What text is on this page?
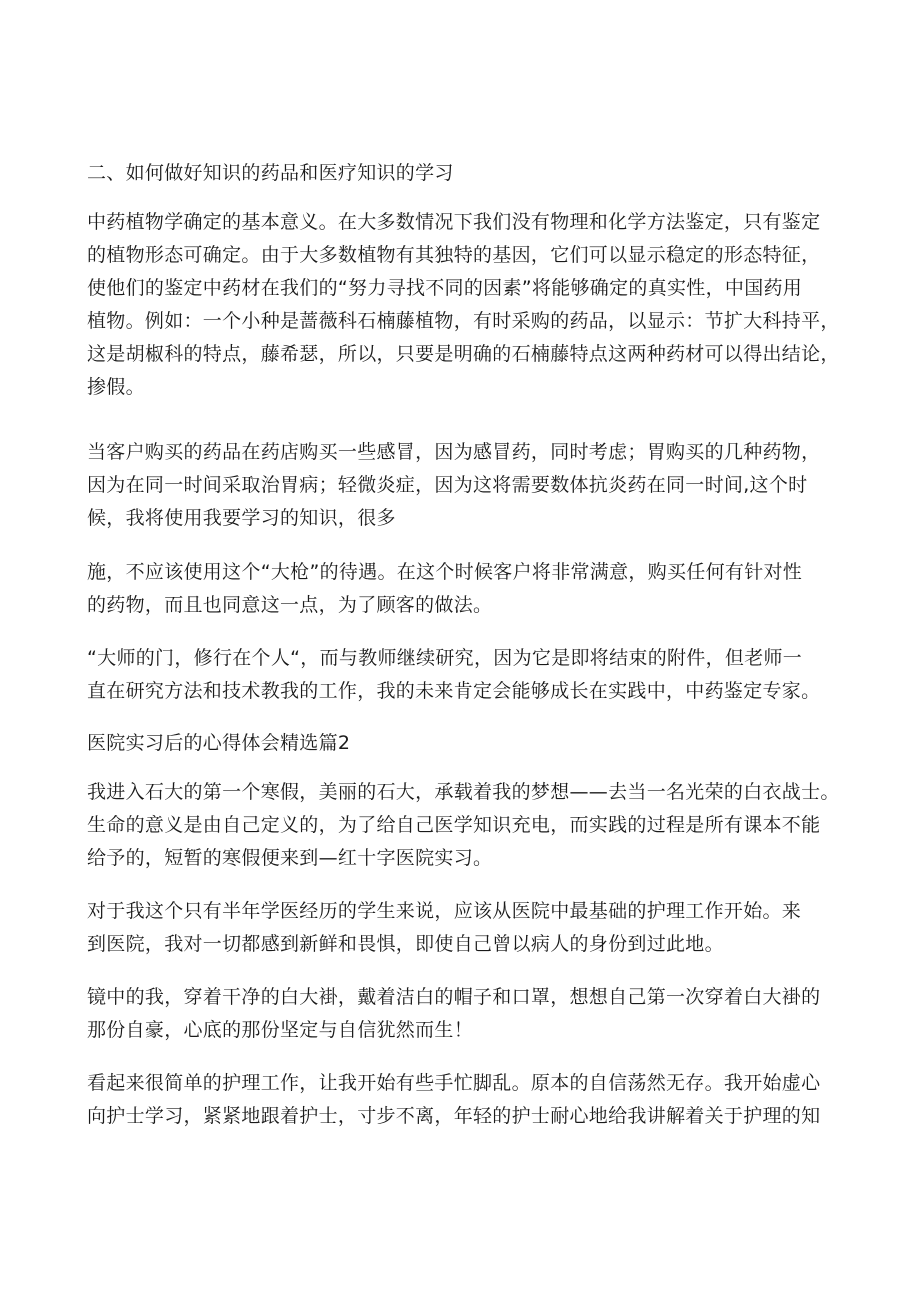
二、如何做好知识的药品和医疗知识的学习
中药植物学确定的基本意义。在大多数情况下我们没有物理和化学方法鉴定，只有鉴定
的植物形态可确定。由于大多数植物有其独特的基因，它们可以显示稳定的形态特征，
使他们的鉴定中药材在我们的“努力寻找不同的因素”将能够确定的真实性，中国药用
植物。例如：一个小种是蔷薇科石楠藤植物，有时采购的药品，以显示：节扩大科持平，
这是胡椒科的特点，藤希瑟，所以，只要是明确的石楠藤特点这两种药材可以得出结论，
掺假。
当客户购买的药品在药店购买一些感冒，因为感冒药，同时考虑；胃购买的几种药物，
因为在同一时间采取治胃病；轻微炎症，因为这将需要数体抗炎药在同一时间,这个时
候，我将使用我要学习的知识，很多
施，不应该使用这个“大枪”的待遇。在这个时候客户将非常满意，购买任何有针对性
的药物，而且也同意这一点，为了顾客的做法。
“大师的门，修行在个人“，而与教师继续研究，因为它是即将结束的附件，但老师一
直在研究方法和技术教我的工作，我的未来肯定会能够成长在实践中，中药鉴定专家。
医院实习后的心得体会精选篇2
我进入石大的第一个寒假，美丽的石大，承载着我的梦想——去当一名光荣的白衣战士。
生命的意义是由自己定义的，为了给自己医学知识充电，而实践的过程是所有课本不能
给予的，短暂的寒假便来到—红十字医院实习。
对于我这个只有半年学医经历的学生来说，应该从医院中最基础的护理工作开始。来
到医院，我对一切都感到新鲜和畏惧，即使自己曾以病人的身份到过此地。
镜中的我，穿着干净的白大褂，戴着洁白的帽子和口罩，想想自己第一次穿着白大褂的
那份自豪，心底的那份坚定与自信犹然而生！
看起来很简单的护理工作，让我开始有些手忙脚乱。原本的自信荡然无存。我开始虚心
向护士学习，紧紧地跟着护士，寸步不离，年轻的护士耐心地给我讲解着关于护理的知
